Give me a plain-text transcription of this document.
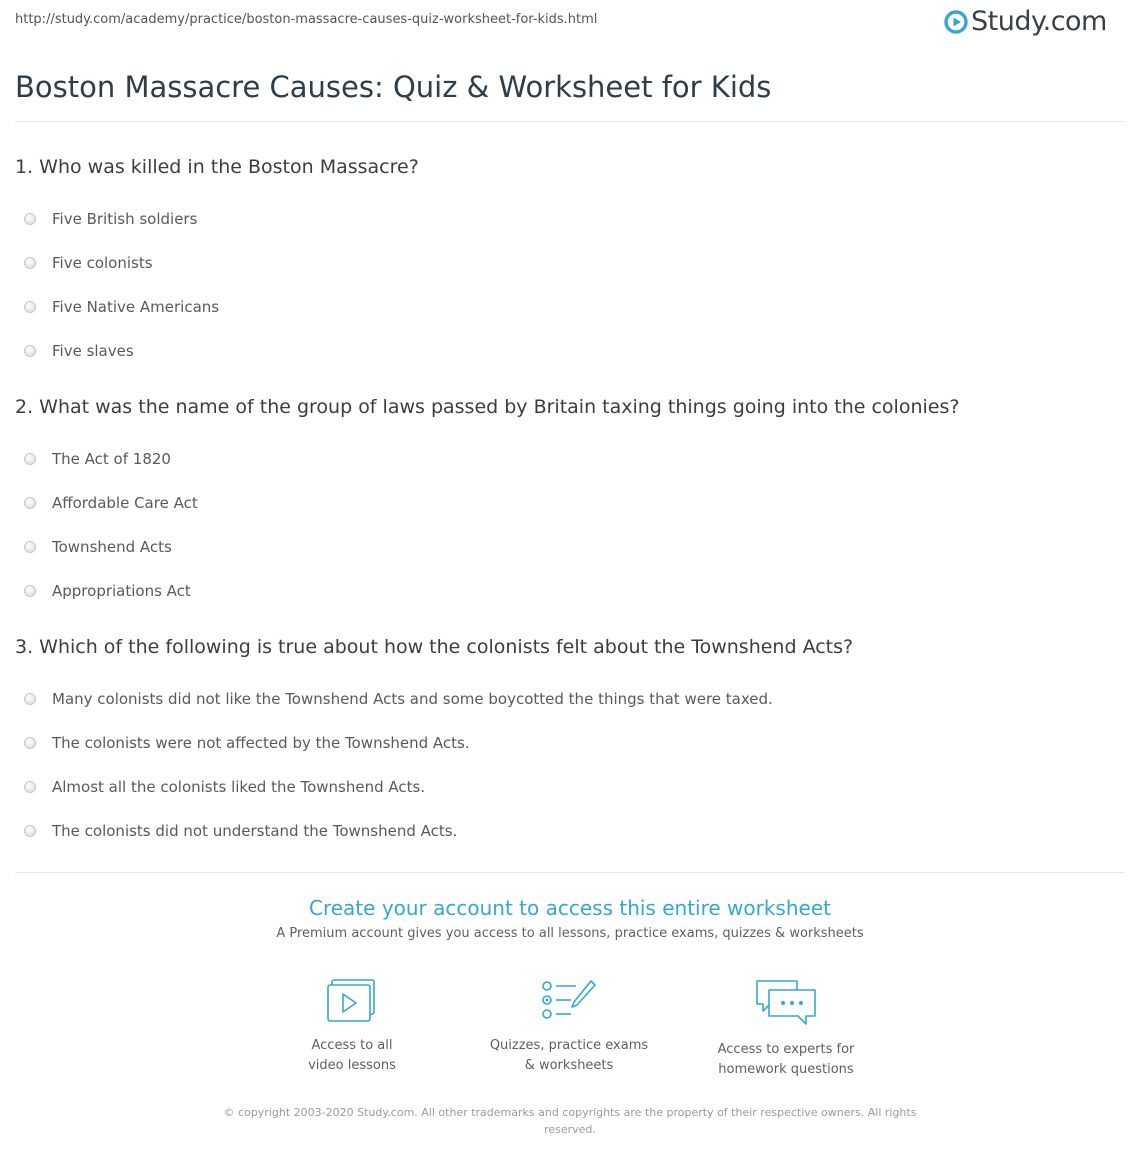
http://study.com/academy/practice/boston-massacre-causes-quiz-worksheet-for-kids.html	Study.com
Boston Massacre Causes: Quiz & Worksheet for Kids
1. Who was killed in the Boston Massacre?
Five British soldiers
Five colonists
Five Native Americans
Five slaves
2. What was the name of the group of laws passed by Britain taxing things going into the colonies?
The Act of 1820
Affordable Care Act
Townshend Acts
Appropriations Act
3. Which of the following is true about how the colonists felt about the Townshend Acts?
Many colonists did not like the Townshend Acts and some boycotted the things that were taxed.
The colonists were not affected by the Townshend Acts.
Almost all the colonists liked the Townshend Acts.
The colonists did not understand the Townshend Acts.
Create your account to access this entire worksheet
A Premium account gives you access to all lessons, practice exams, quizzes & worksheets
Access to all
video lessons
Quizzes, practice exams
& worksheets
Access to experts for
homework questions
© copyright 2003-2020 Study.com. All other trademarks and copyrights are the property of their respective owners. All rights
reserved.
